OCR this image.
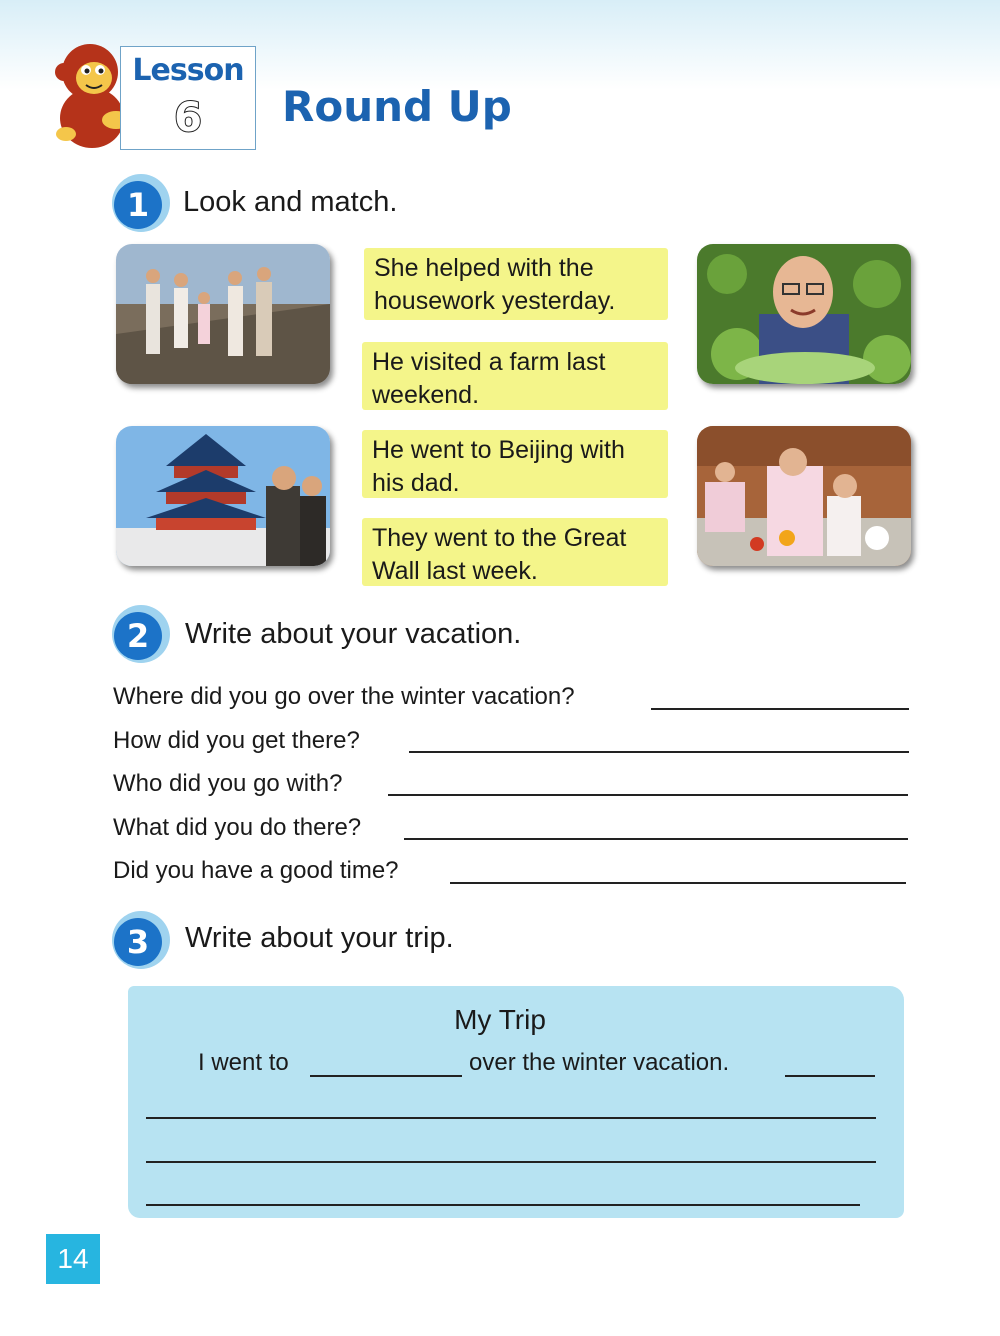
Lesson
6	Round Up
1 Look and match.
She helped with the housework yesterday.
He visited a farm last weekend.
He went to Beijing with his dad.
They went to the Great Wall last week.
2 Write about your vacation.
Where did you go over the winter vacation?
How did you get there?
Who did you go with?
What did you do there?
Did you have a good time?
3 Write about your trip.
My Trip
I went to	over the winter vacation.
14
